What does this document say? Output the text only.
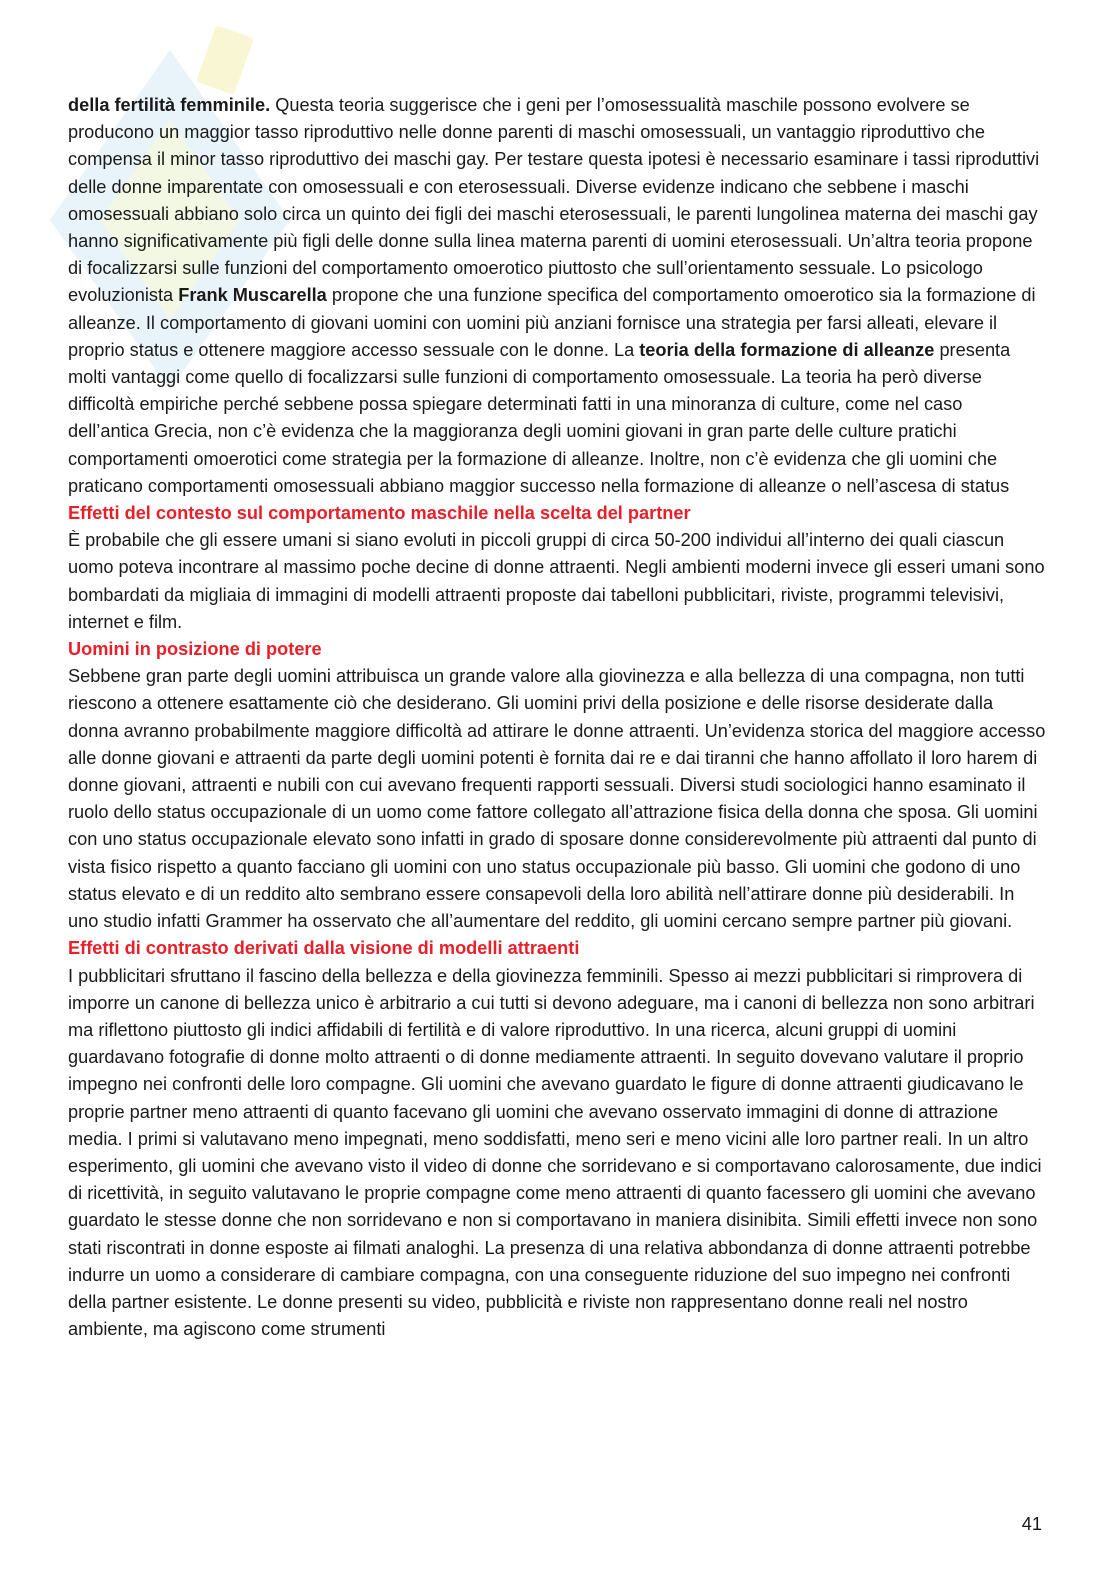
della fertilità femminile. Questa teoria suggerisce che i geni per l’omosessualità maschile possono evolvere se producono un maggior tasso riproduttivo nelle donne parenti di maschi omosessuali, un vantaggio riproduttivo che compensa il minor tasso riproduttivo dei maschi gay. Per testare questa ipotesi è necessario esaminare i tassi riproduttivi delle donne imparentate con omosessuali e con eterosessuali. Diverse evidenze indicano che sebbene i maschi omosessuali abbiano solo circa un quinto dei figli dei maschi eterosessuali, le parenti lungolinea materna dei maschi gay hanno significativamente più figli delle donne sulla linea materna parenti di uomini eterosessuali. Un’altra teoria propone di focalizzarsi sulle funzioni del comportamento omoerotico piuttosto che sull’orientamento sessuale. Lo psicologo evoluzionista Frank Muscarella propone che una funzione specifica del comportamento omoerotico sia la formazione di alleanze. Il comportamento di giovani uomini con uomini più anziani fornisce una strategia per farsi alleati, elevare il proprio status e ottenere maggiore accesso sessuale con le donne. La teoria della formazione di alleanze presenta molti vantaggi come quello di focalizzarsi sulle funzioni di comportamento omosessuale. La teoria ha però diverse difficoltà empiriche perché sebbene possa spiegare determinati fatti in una minoranza di culture, come nel caso dell’antica Grecia, non c’è evidenza che la maggioranza degli uomini giovani in gran parte delle culture pratichi comportamenti omoerotici come strategia per la formazione di alleanze. Inoltre, non c’è evidenza che gli uomini che praticano comportamenti omosessuali abbiano maggior successo nella formazione di alleanze o nell’ascesa di status

Effetti del contesto sul comportamento maschile nella scelta del partner

È probabile che gli essere umani si siano evoluti in piccoli gruppi di circa 50-200 individui all’interno dei quali ciascun uomo poteva incontrare al massimo poche decine di donne attraenti. Negli ambienti moderni invece gli esseri umani sono bombardati da migliaia di immagini di modelli attraenti proposte dai tabelloni pubblicitari, riviste, programmi televisivi, internet e film.

Uomini in posizione di potere

Sebbene gran parte degli uomini attribuisca un grande valore alla giovinezza e alla bellezza di una compagna, non tutti riescono a ottenere esattamente ciò che desiderano. Gli uomini privi della posizione e delle risorse desiderate dalla donna avranno probabilmente maggiore difficoltà ad attirare le donne attraenti. Un’evidenza storica del maggiore accesso alle donne giovani e attraenti da parte degli uomini potenti è fornita dai re e dai tiranni che hanno affollato il loro harem di donne giovani, attraenti e nubili con cui avevano frequenti rapporti sessuali. Diversi studi sociologici hanno esaminato il ruolo dello status occupazionale di un uomo come fattore collegato all’attrazione fisica della donna che sposa. Gli uomini con uno status occupazionale elevato sono infatti in grado di sposare donne considerevolmente più attraenti dal punto di vista fisico rispetto a quanto facciano gli uomini con uno status occupazionale più basso. Gli uomini che godono di uno status elevato e di un reddito alto sembrano essere consapevoli della loro abilità nell’attirare donne più desiderabili. In uno studio infatti Grammer ha osservato che all’aumentare del reddito, gli uomini cercano sempre partner più giovani.

Effetti di contrasto derivati dalla visione di modelli attraenti

I pubblicitari sfruttano il fascino della bellezza e della giovinezza femminili. Spesso ai mezzi pubblicitari si rimprovera di imporre un canone di bellezza unico è arbitrario a cui tutti si devono adeguare, ma i canoni di bellezza non sono arbitrari ma riflettono piuttosto gli indici affidabili di fertilità e di valore riproduttivo. In una ricerca, alcuni gruppi di uomini guardavano fotografie di donne molto attraenti o di donne mediamente attraenti. In seguito dovevano valutare il proprio impegno nei confronti delle loro compagne. Gli uomini che avevano guardato le figure di donne attraenti giudicavano le proprie partner meno attraenti di quanto facevano gli uomini che avevano osservato immagini di donne di attrazione media. I primi si valutavano meno impegnati, meno soddisfatti, meno seri e meno vicini alle loro partner reali. In un altro esperimento, gli uomini che avevano visto il video di donne che sorridevano e si comportavano calorosamente, due indici di ricettività, in seguito valutavano le proprie compagne come meno attraenti di quanto facessero gli uomini che avevano guardato le stesse donne che non sorridevano e non si comportavano in maniera disinibita. Simili effetti invece non sono stati riscontrati in donne esposte ai filmati analoghi. La presenza di una relativa abbondanza di donne attraenti potrebbe indurre un uomo a considerare di cambiare compagna, con una conseguente riduzione del suo impegno nei confronti della partner esistente. Le donne presenti su video, pubblicità e riviste non rappresentano donne reali nel nostro ambiente, ma agiscono come strumenti

41
